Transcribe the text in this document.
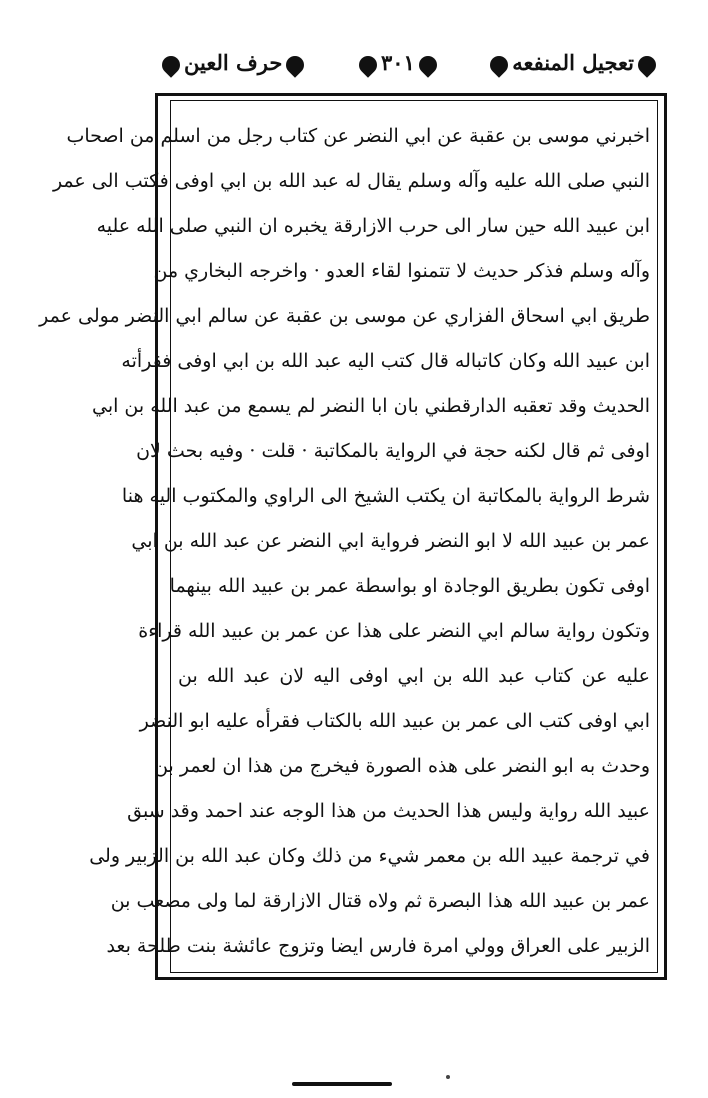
تعجيل المنفعه
٣٠١
حرف العين
اخبرني موسى بن عقبة عن ابي النضر عن كتاب رجل من اسلم من اصحاب
النبي صلى الله عليه وآله وسلم يقال له عبد الله بن ابي اوفى فكتب الى عمر
ابن عبيد الله حين سار الى حرب الازارقة يخبره ان النبي صلى الله عليه
وآله وسلم فذكر حديث لا تتمنوا لقاء العدو · واخرجه البخاري من
طريق ابي اسحاق الفزاري عن موسى بن عقبة عن سالم ابي النضر مولى عمر
ابن عبيد الله وكان كاتباله قال كتب اليه عبد الله بن ابي اوفى فقرأته
الحديث وقد تعقبه الدارقطني بان ابا النضر لم يسمع من عبد الله بن ابي
اوفى ثم قال لكنه حجة في الرواية بالمكاتبة · قلت · وفيه بحث لان
شرط الرواية بالمكاتبة ان يكتب الشيخ الى الراوي والمكتوب اليه هنا
عمر بن عبيد الله لا ابو النضر فرواية ابي النضر عن عبد الله بن ابي
اوفى تكون بطريق الوجادة او بواسطة عمر بن عبيد الله بينهما
وتكون رواية سالم ابي النضر على هذا عن عمر بن عبيد الله قراءة
عليه عن كتاب عبد الله بن ابي اوفى اليه لان عبد الله بن
ابي اوفى كتب الى عمر بن عبيد الله بالكتاب فقرأه عليه ابو النضر
وحدث به ابو النضر على هذه الصورة فيخرج من هذا ان لعمر بن
عبيد الله رواية وليس هذا الحديث من هذا الوجه عند احمد وقد سبق
في ترجمة عبيد الله بن معمر شيء من ذلك وكان عبد الله بن الزبير ولى
عمر بن عبيد الله هذا البصرة ثم ولاه قتال الازارقة لما ولى مصعب بن
الزبير على العراق وولي امرة فارس ايضا وتزوج عائشة بنت طلحة بعد
